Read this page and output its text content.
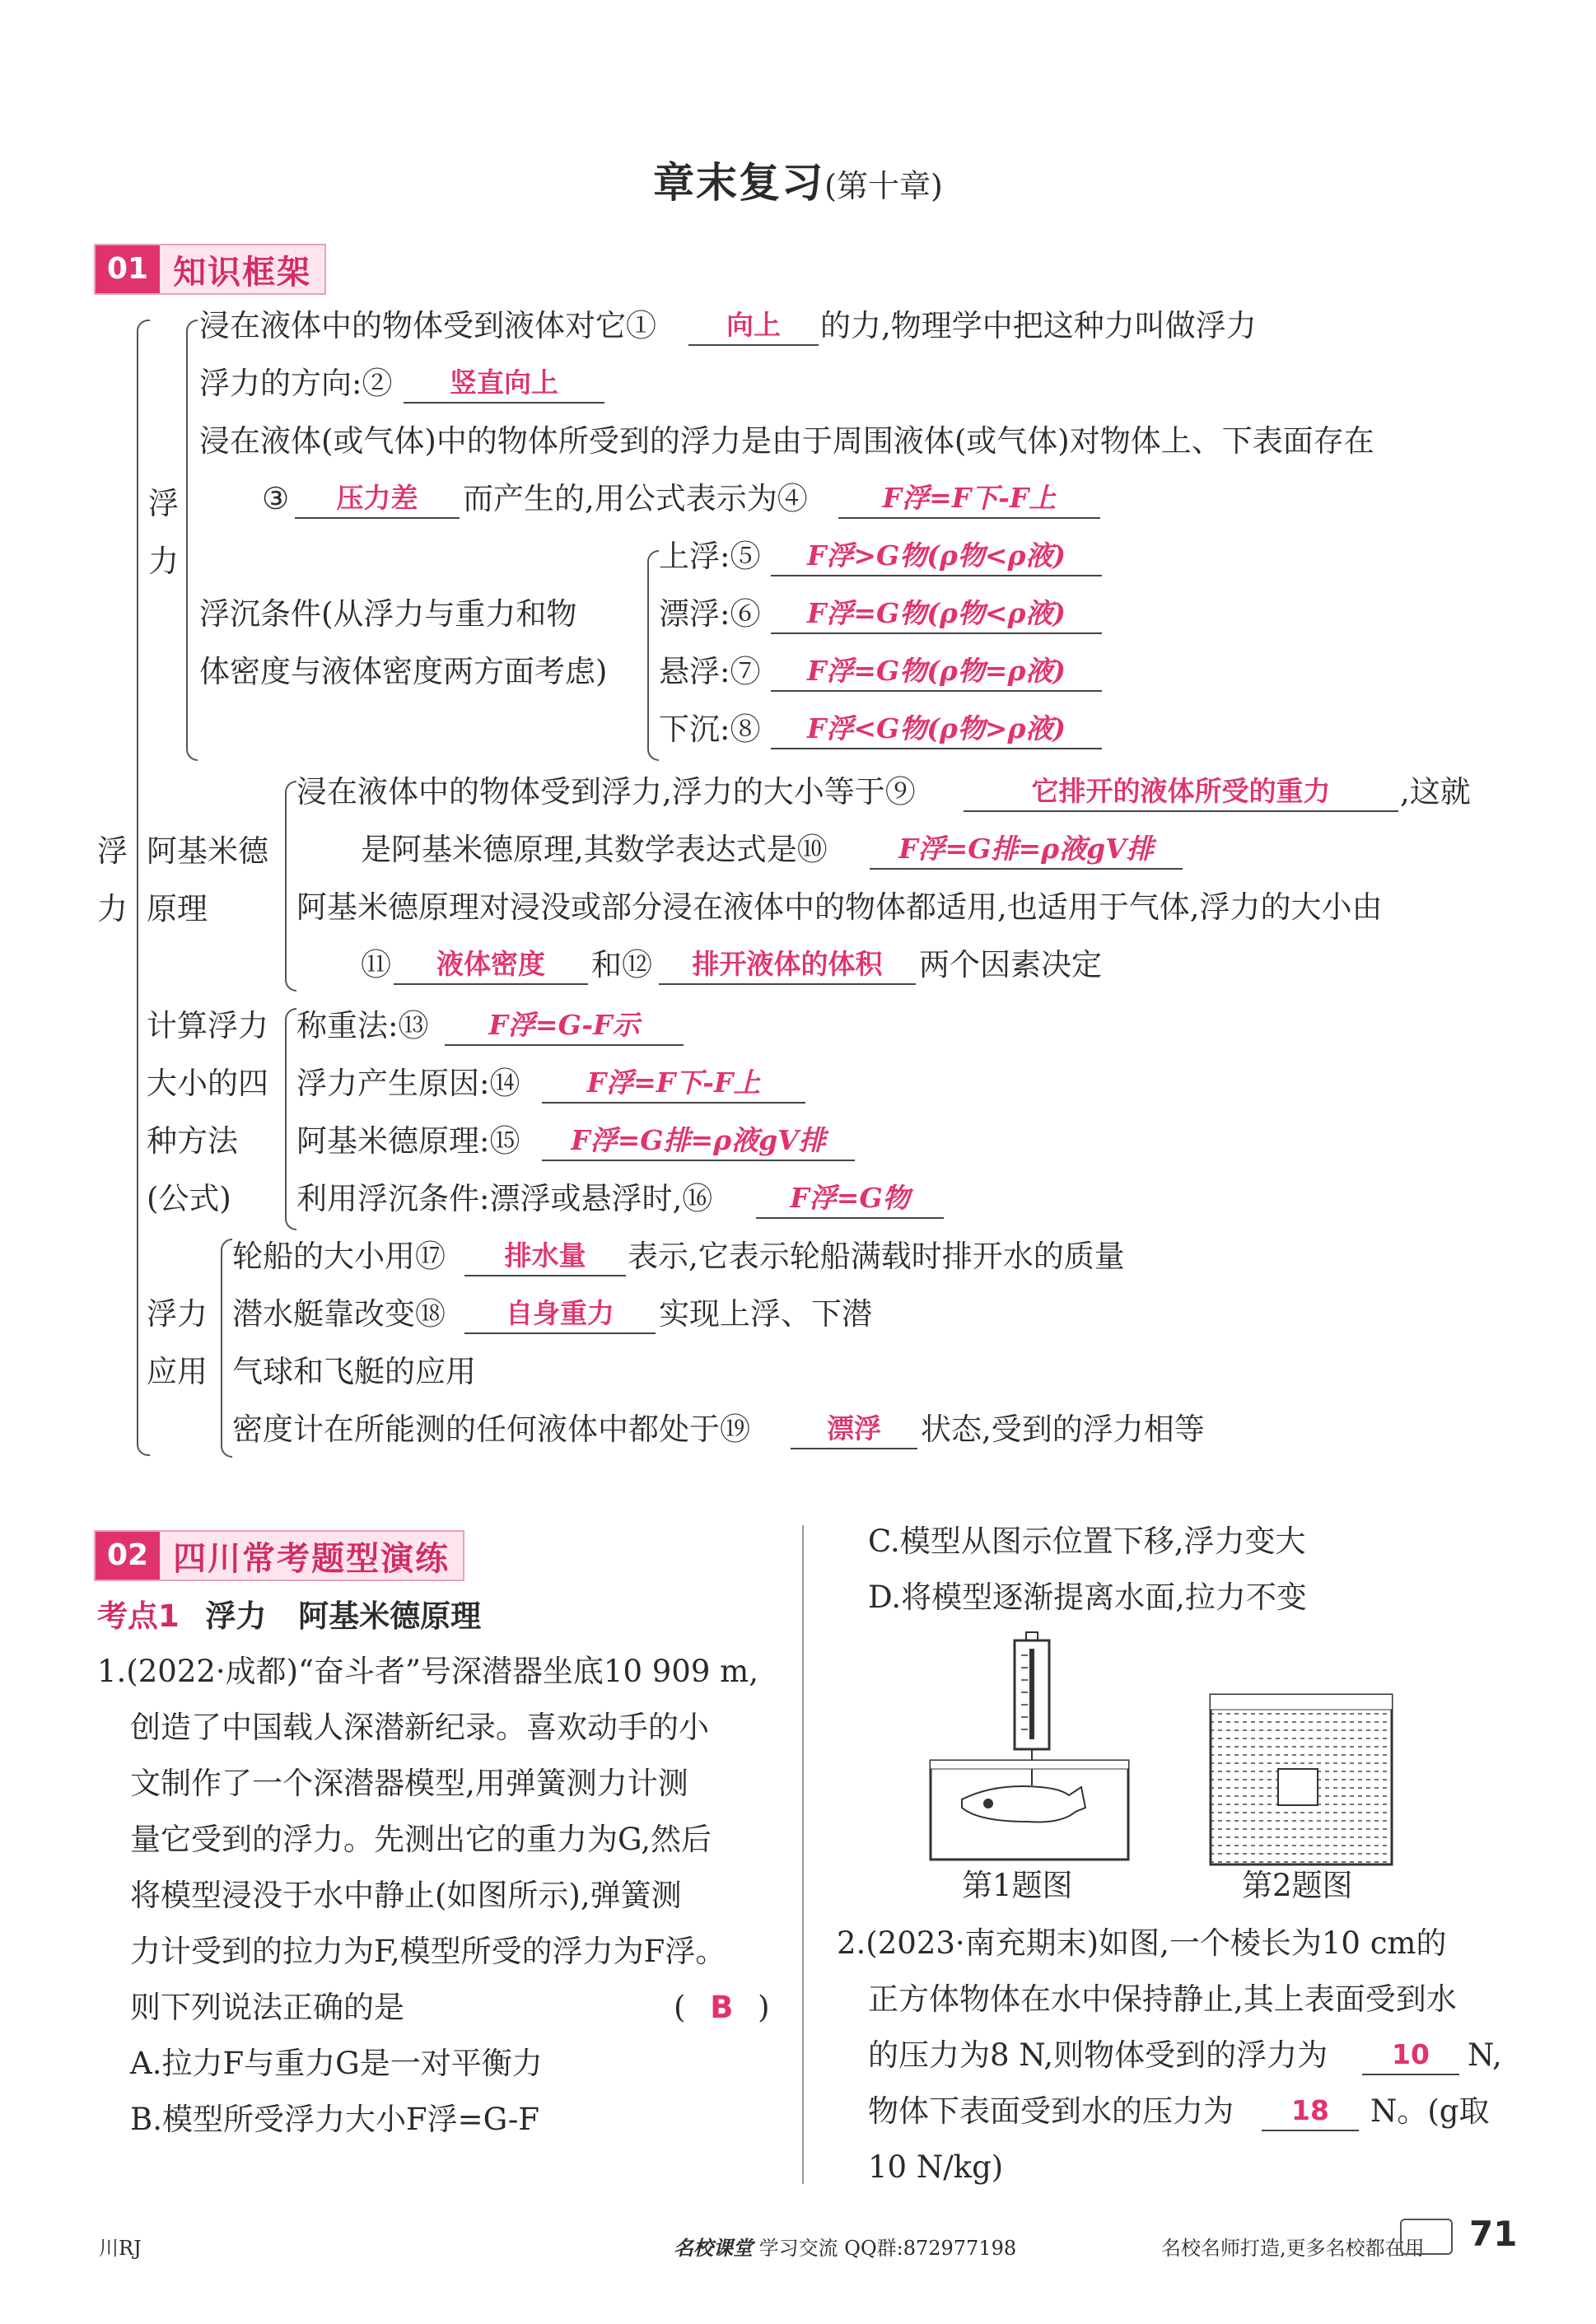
章末复习(第十章)
01 知识框架
浮
力
浮
力
浸在液体中的物体受到液体对它①	向上	的力,物理学中把这种力叫做浮力
浮力的方向:②	竖直向上
浸在液体(或气体)中的物体所受到的浮力是由于周围液体(或气体)对物体上、下表面存在
③	压力差	而产生的,用公式表示为④	F浮=F下-F上
浮沉条件(从浮力与重力和物
体密度与液体密度两方面考虑)
上浮:⑤	F浮>G物(ρ物<ρ液)
漂浮:⑥	F浮=G物(ρ物<ρ液)
悬浮:⑦	F浮=G物(ρ物=ρ液)
下沉:⑧	F浮<G物(ρ物>ρ液)
阿基米德
原理
浸在液体中的物体受到浮力,浮力的大小等于⑨	它排开的液体所受的重力	,这就
是阿基米德原理,其数学表达式是⑩	F浮=G排=ρ液gV排
阿基米德原理对浸没或部分浸在液体中的物体都适用,也适用于气体,浮力的大小由
⑪	液体密度	和⑫	排开液体的体积	两个因素决定
计算浮力
大小的四
种方法
(公式)
称重法:⑬	F浮=G-F示
浮力产生原因:⑭	F浮=F下-F上
阿基米德原理:⑮	F浮=G排=ρ液gV排
利用浮沉条件:漂浮或悬浮时,⑯	F浮=G物
浮力
应用
轮船的大小用⑰	排水量	表示,它表示轮船满载时排开水的质量
潜水艇靠改变⑱	自身重力	实现上浮、下潜
气球和飞艇的应用
密度计在所能测的任何液体中都处于⑲	漂浮	状态,受到的浮力相等
02 四川常考题型演练
考点1 浮力   阿基米德原理
1.(2022·成都)“奋斗者”号深潜器坐底10 909 m,
创造了中国载人深潜新纪录。喜欢动手的小
文制作了一个深潜器模型,用弹簧测力计测
量它受到的浮力。先测出它的重力为G,然后
将模型浸没于水中静止(如图所示),弹簧测
力计受到的拉力为F,模型所受的浮力为F浮。
则下列说法正确的是	( B )
A.拉力F与重力G是一对平衡力
B.模型所受浮力大小F浮=G-F
C.模型从图示位置下移,浮力变大
D.将模型逐渐提离水面,拉力不变
第1题图	第2题图
2.(2023·南充期末)如图,一个棱长为10 cm的
正方体物体在水中保持静止,其上表面受到水
的压力为8 N,则物体受到的浮力为	10	N,
物体下表面受到水的压力为	18	N。(g取
10 N/kg)
川RJ	名校课堂 学习交流 QQ群:872977198	名校名师打造,更多名校都在用 71
